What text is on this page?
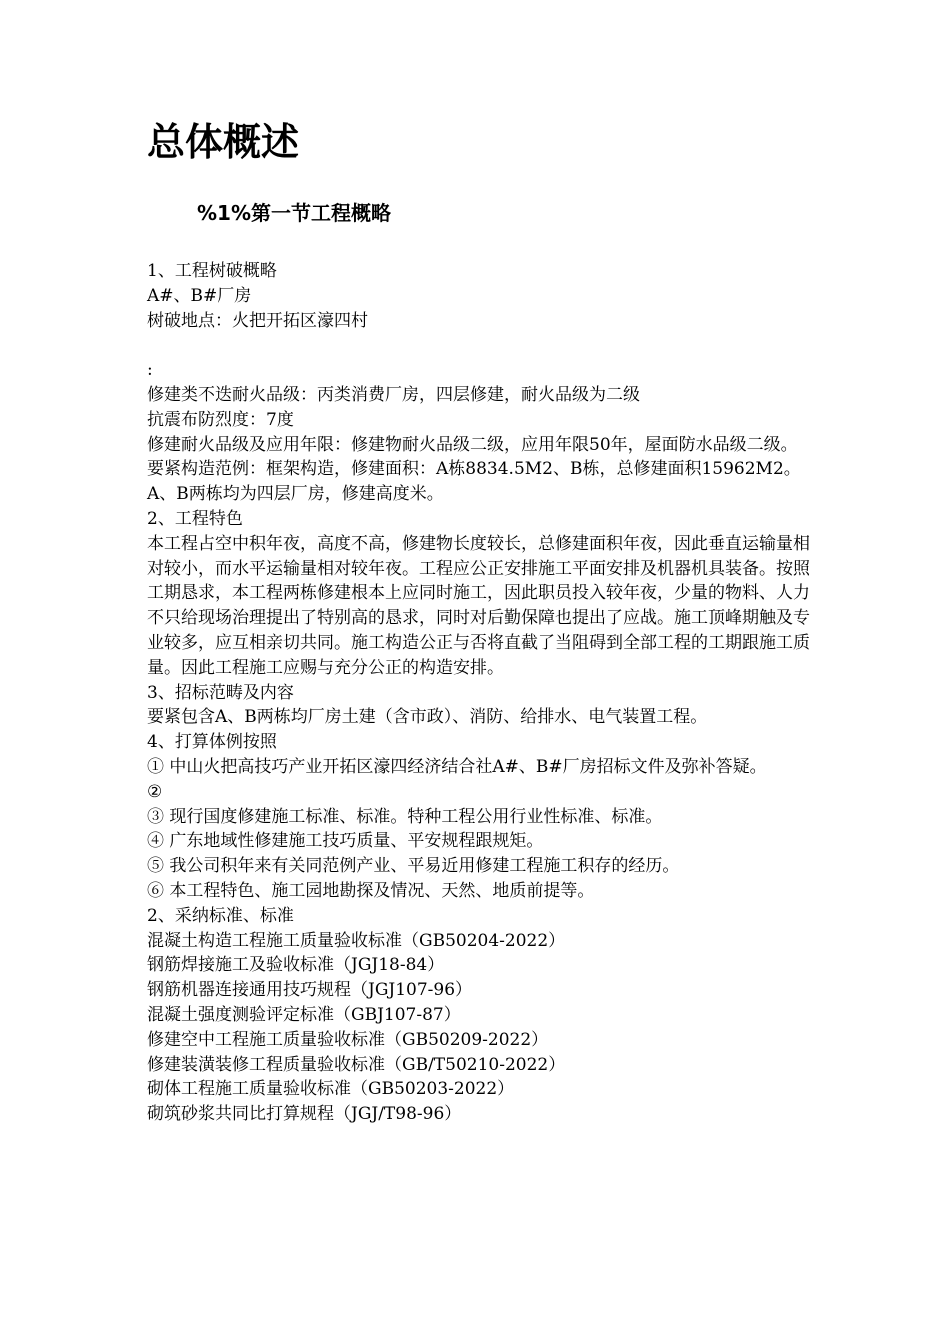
总体概述
%1%第一节工程概略
1、工程树破概略
A#、B#厂房
树破地点：火把开拓区濠四村
:
修建类不迭耐火品级：丙类消费厂房，四层修建，耐火品级为二级
抗震布防烈度：7度
修建耐火品级及应用年限：修建物耐火品级二级，应用年限50年，屋面防水品级二级。
要紧构造范例：框架构造，修建面积：A栋8834.5M2、B栋，总修建面积15962M2。A、B两栋均为四层厂房，修建高度米。
2、工程特色
本工程占空中积年夜，高度不高，修建物长度较长，总修建面积年夜，因此垂直运输量相对较小，而水平运输量相对较年夜。工程应公正安排施工平面安排及机器机具装备。按照工期恳求，本工程两栋修建根本上应同时施工，因此职员投入较年夜，少量的物料、人力不只给现场治理提出了特别高的恳求，同时对后勤保障也提出了应战。施工顶峰期触及专业较多，应互相亲切共同。施工构造公正与否将直截了当阻碍到全部工程的工期跟施工质量。因此工程施工应赐与充分公正的构造安排。
3、招标范畴及内容
要紧包含A、B两栋均厂房土建（含市政）、消防、给排水、电气装置工程。
4、打算体例按照
① 中山火把高技巧产业开拓区濠四经济结合社A#、B#厂房招标文件及弥补答疑。
②
③ 现行国度修建施工标准、标准。特种工程公用行业性标准、标准。
④ 广东地域性修建施工技巧质量、平安规程跟规矩。
⑤ 我公司积年来有关同范例产业、平易近用修建工程施工积存的经历。
⑥ 本工程特色、施工园地勘探及情况、天然、地质前提等。
2、采纳标准、标准
混凝土构造工程施工质量验收标准（GB50204-2022）
钢筋焊接施工及验收标准（JGJ18-84）
钢筋机器连接通用技巧规程（JGJ107-96）
混凝土强度测验评定标准（GBJ107-87）
修建空中工程施工质量验收标准（GB50209-2022）
修建装潢装修工程质量验收标准（GB/T50210-2022）
砌体工程施工质量验收标准（GB50203-2022）
砌筑砂浆共同比打算规程（JGJ/T98-96）
